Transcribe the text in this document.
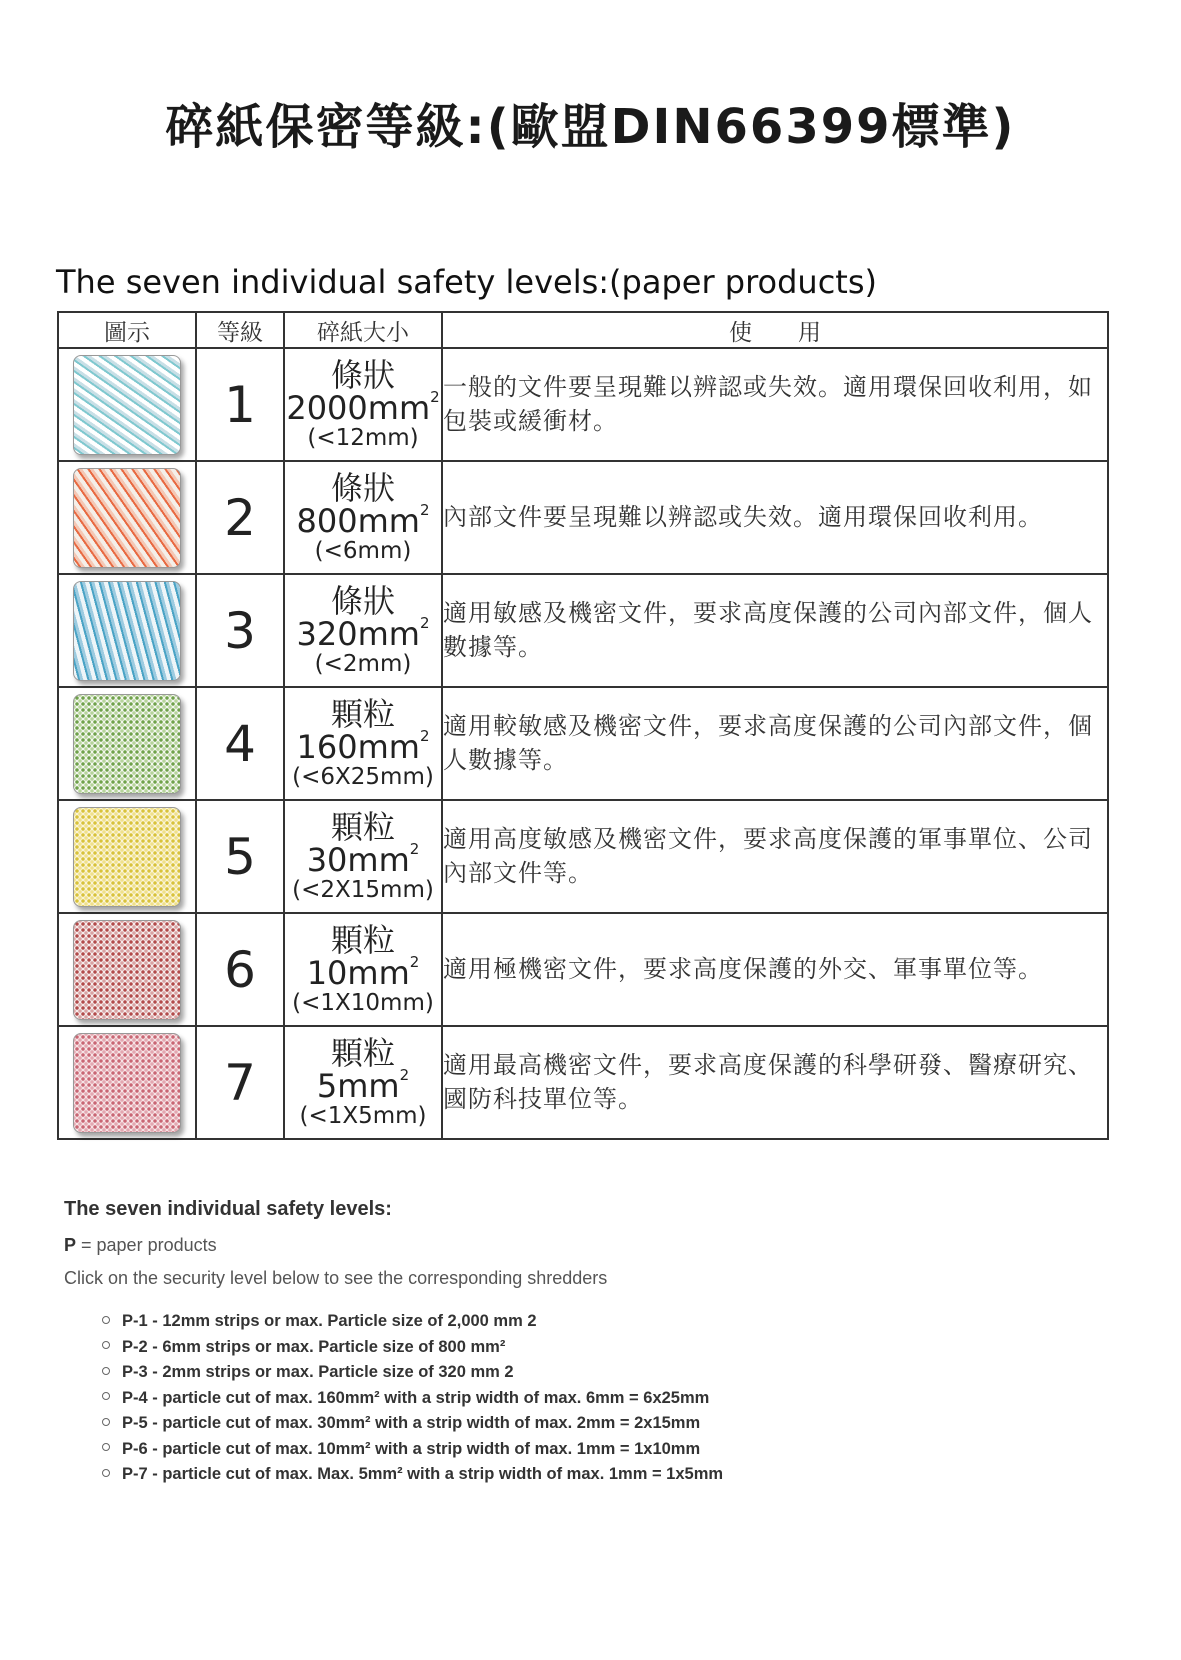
碎紙保密等級:(歐盟DIN66399標準)
The seven individual safety levels:(paper products)
圖示	等級	碎紙大小	使　　用
	1	條狀
$2000mm^2$
(<12mm)	一般的文件要呈現難以辨認或失效。適用環保回收利用，如包裝或緩衝材。
	2	條狀
$800mm^2$
(<6mm)	內部文件要呈現難以辨認或失效。適用環保回收利用。
	3	條狀
$320mm^2$
(<2mm)	適用敏感及機密文件，要求高度保護的公司內部文件，個人數據等。
	4	顆粒
$160mm^2$
(<6X25mm)	適用較敏感及機密文件，要求高度保護的公司內部文件，個人數據等。
	5	顆粒
$30mm^2$
(<2X15mm)	適用高度敏感及機密文件，要求高度保護的軍事單位、公司內部文件等。
	6	顆粒
$10mm^2$
(<1X10mm)	適用極機密文件，要求高度保護的外交、軍事單位等。
	7	顆粒
$5mm^2$
(<1X5mm)	適用最高機密文件，要求高度保護的科學研發、醫療研究、國防科技單位等。
The seven individual safety levels:

P = paper products

Click on the security level below to see the corresponding shredders

P-1 - 12mm strips or max. Particle size of 2,000 mm 2
P-2 - 6mm strips or max. Particle size of 800 mm²
P-3 - 2mm strips or max. Particle size of 320 mm 2
P-4 - particle cut of max. 160mm² with a strip width of max. 6mm = 6x25mm
P-5 - particle cut of max. 30mm² with a strip width of max. 2mm = 2x15mm
P-6 - particle cut of max. 10mm² with a strip width of max. 1mm = 1x10mm
P-7 - particle cut of max. Max. 5mm² with a strip width of max. 1mm = 1x5mm
